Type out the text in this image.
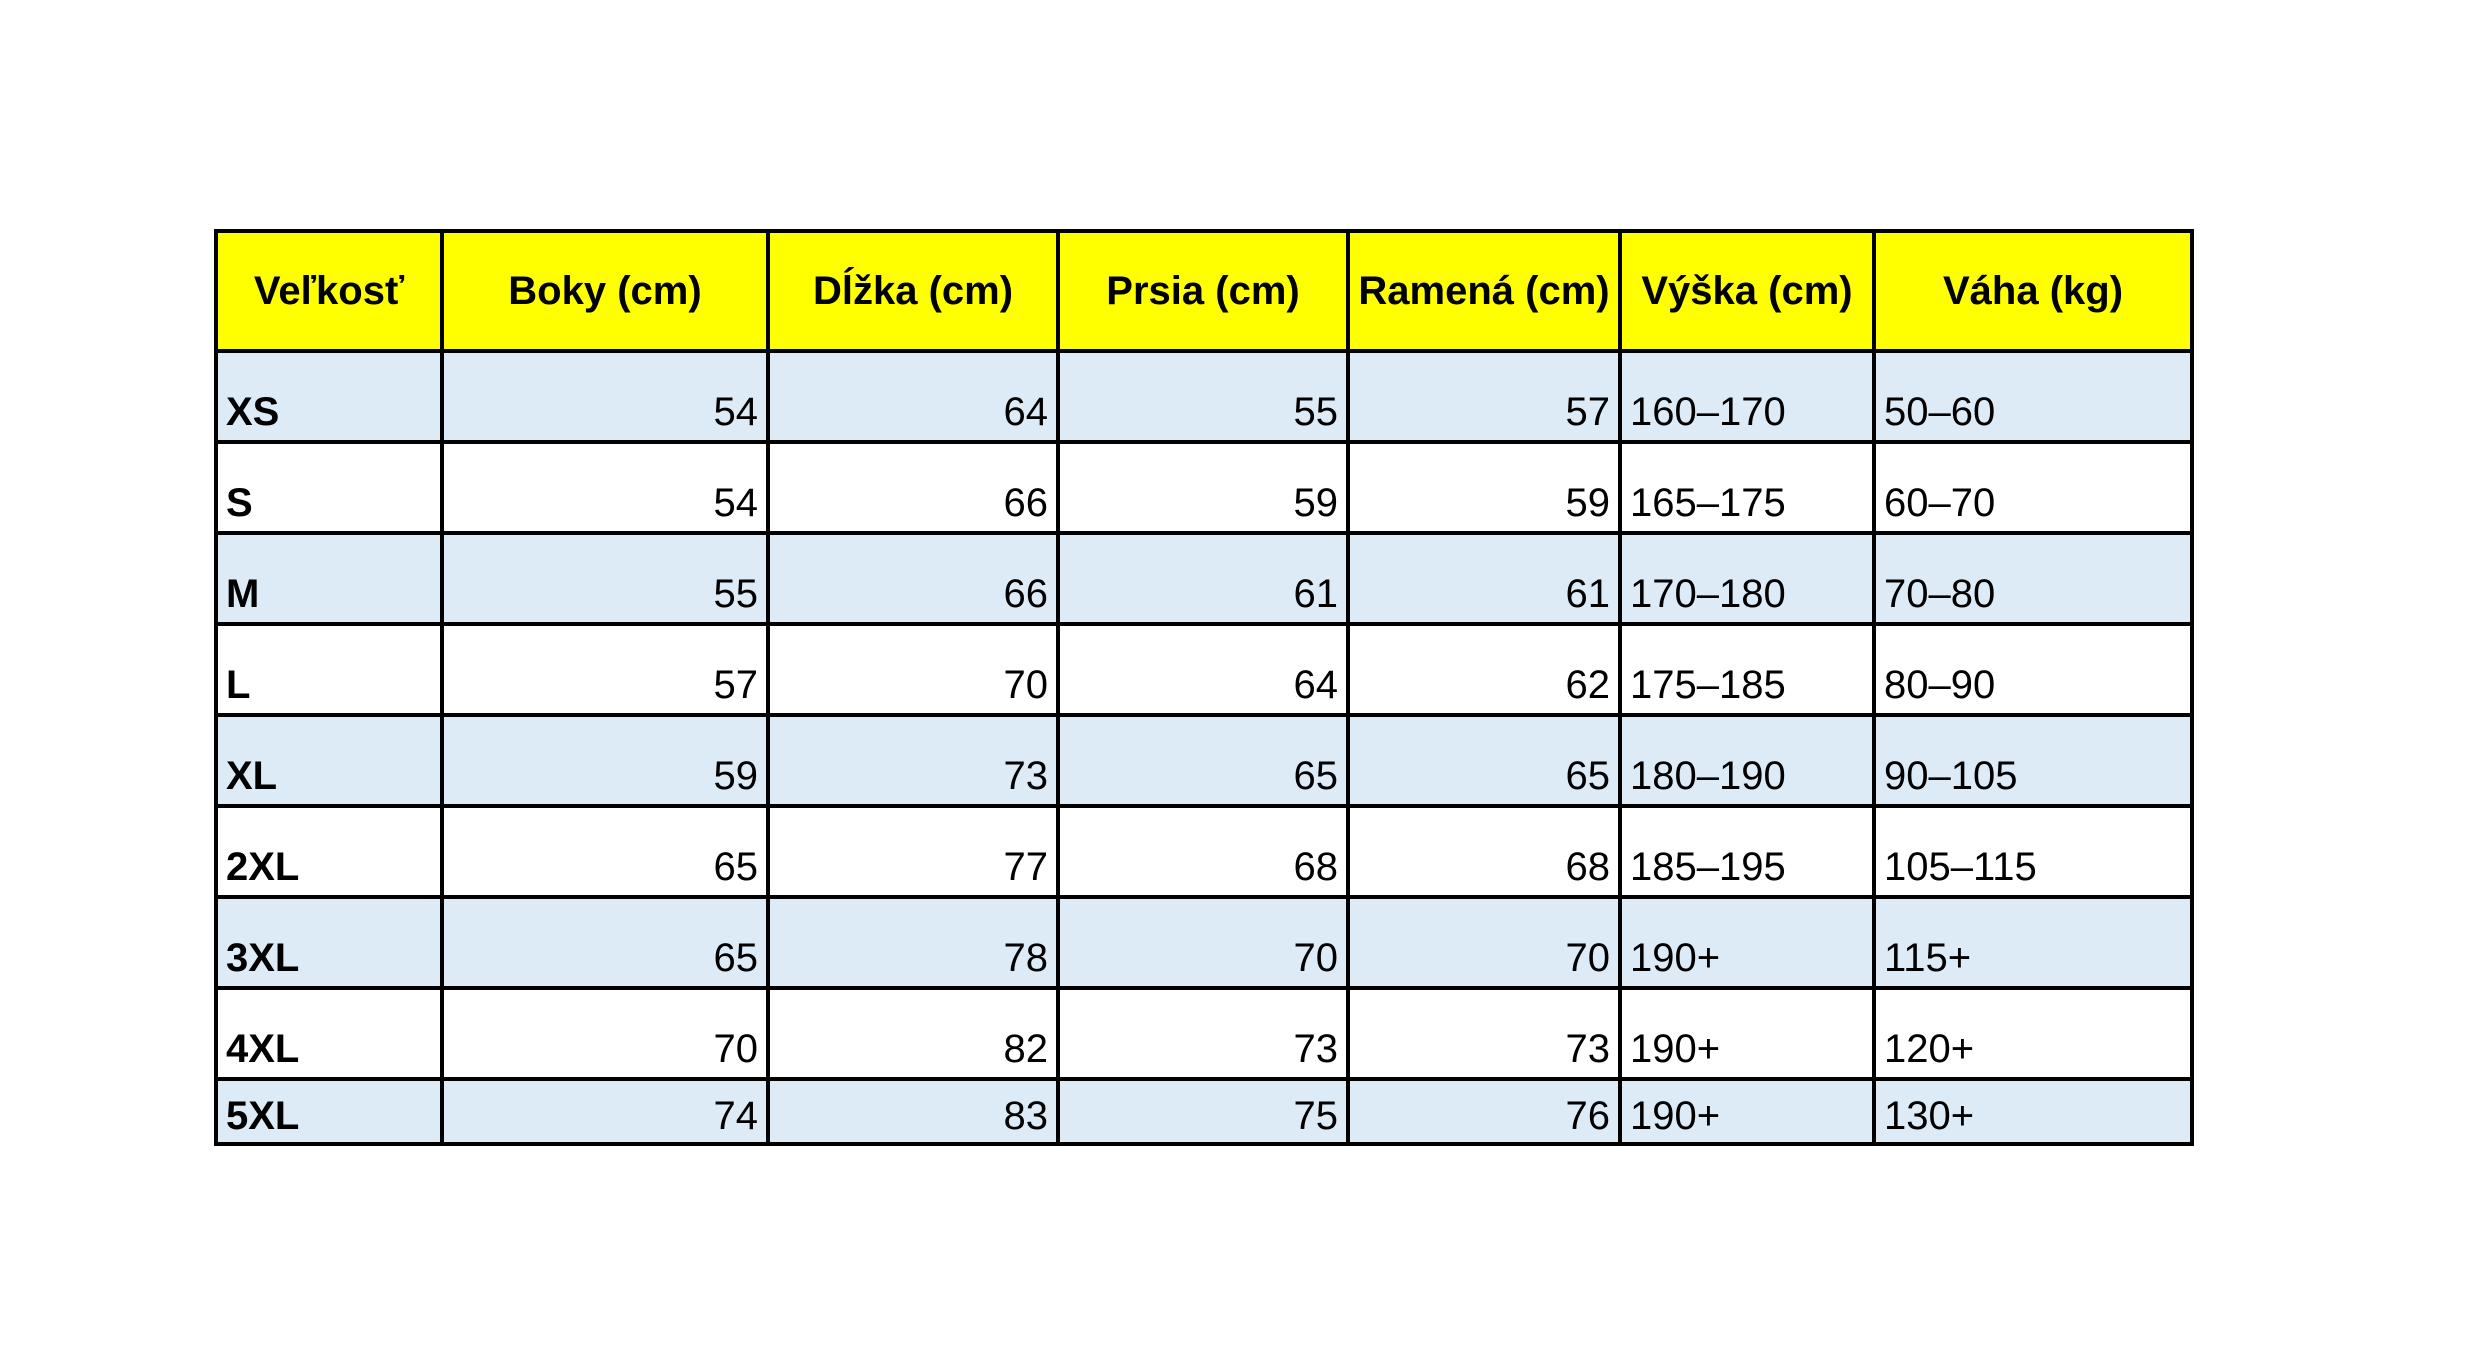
Veľkosť	Boky (cm)	Dĺžka (cm)	Prsia (cm)	Ramená (cm)	Výška (cm)	Váha (kg)
XS	54	64	55	57	160–170	50–60
S	54	66	59	59	165–175	60–70
M	55	66	61	61	170–180	70–80
L	57	70	64	62	175–185	80–90
XL	59	73	65	65	180–190	90–105
2XL	65	77	68	68	185–195	105–115
3XL	65	78	70	70	190+	115+
4XL	70	82	73	73	190+	120+
5XL	74	83	75	76	190+	130+
